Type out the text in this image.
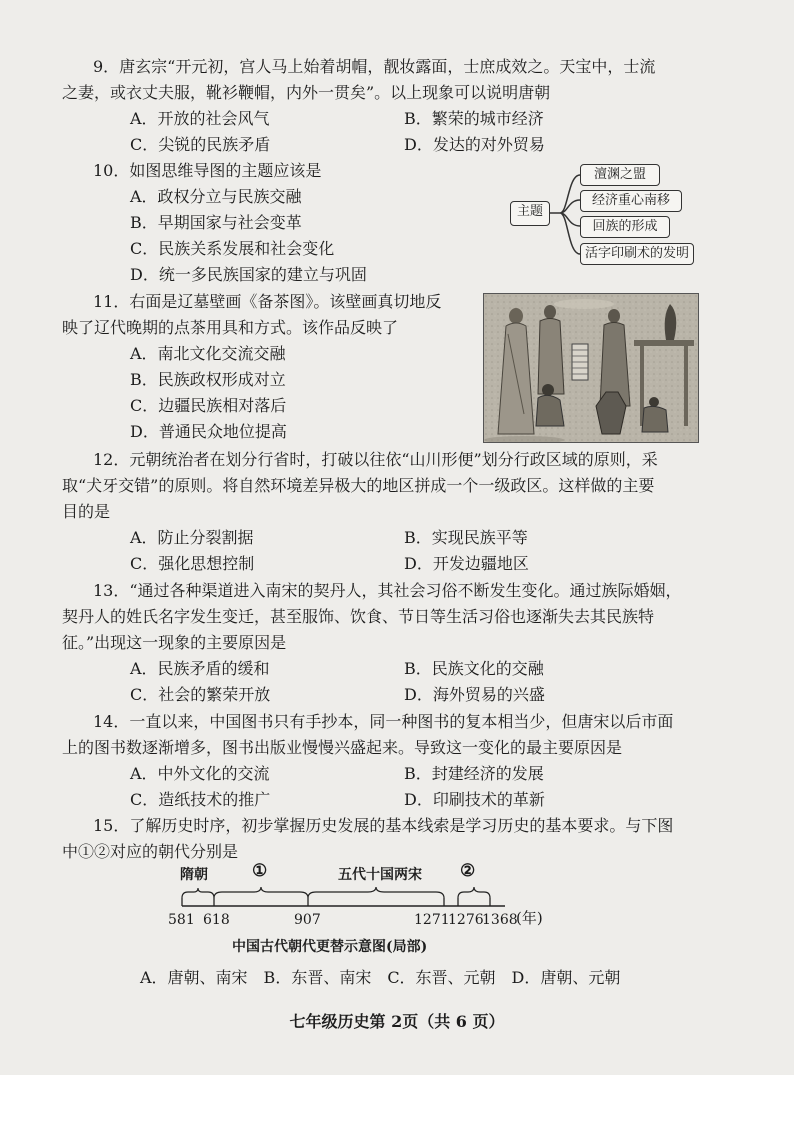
9．唐玄宗“开元初，宫人马上始着胡帽，靓妆露面，士庶成效之。天宝中，士流
之妻，或衣丈夫服，靴衫鞭帽，内外一贯矣”。以上现象可以说明唐朝
A．开放的社会风气	B．繁荣的城市经济
C．尖锐的民族矛盾	D．发达的对外贸易
10．如图思维导图的主题应该是
A．政权分立与民族交融
B．早期国家与社会变革
C．民族关系发展和社会变化
D．统一多民族国家的建立与巩固
主题
澶渊之盟
经济重心南移
回族的形成
活字印刷术的发明
11．右面是辽墓壁画《备茶图》。该壁画真切地反
映了辽代晚期的点茶用具和方式。该作品反映了
A．南北文化交流交融
B．民族政权形成对立
C．边疆民族相对落后
D．普通民众地位提高
12．元朝统治者在划分行省时，打破以往依“山川形便”划分行政区域的原则，采
取“犬牙交错”的原则。将自然环境差异极大的地区拼成一个一级政区。这样做的主要
目的是
A．防止分裂割据	B．实现民族平等
C．强化思想控制	D．开发边疆地区
13．“通过各种渠道进入南宋的契丹人，其社会习俗不断发生变化。通过族际婚姻，
契丹人的姓氏名字发生变迁，甚至服饰、饮食、节日等生活习俗也逐渐失去其民族特
征。”出现这一现象的主要原因是
A．民族矛盾的缓和	B．民族文化的交融
C．社会的繁荣开放	D．海外贸易的兴盛
14．一直以来，中国图书只有手抄本，同一种图书的复本相当少，但唐宋以后市面
上的图书数逐渐增多，图书出版业慢慢兴盛起来。导致这一变化的最主要原因是
A．中外文化的交流	B．封建经济的发展
C．造纸技术的推广	D．印刷技术的革新
15．了解历史时序，初步掌握历史发展的基本线索是学习历史的基本要求。与下图
中①②对应的朝代分别是
隋朝	①	五代十国两宋 ②
581 618	907	1271
1276
1368
(年)
中国古代朝代更替示意图(局部)
A．唐朝、南宋　B．东晋、南宋　C．东晋、元朝　D．唐朝、元朝
七年级历史第 2页（共 6 页）
